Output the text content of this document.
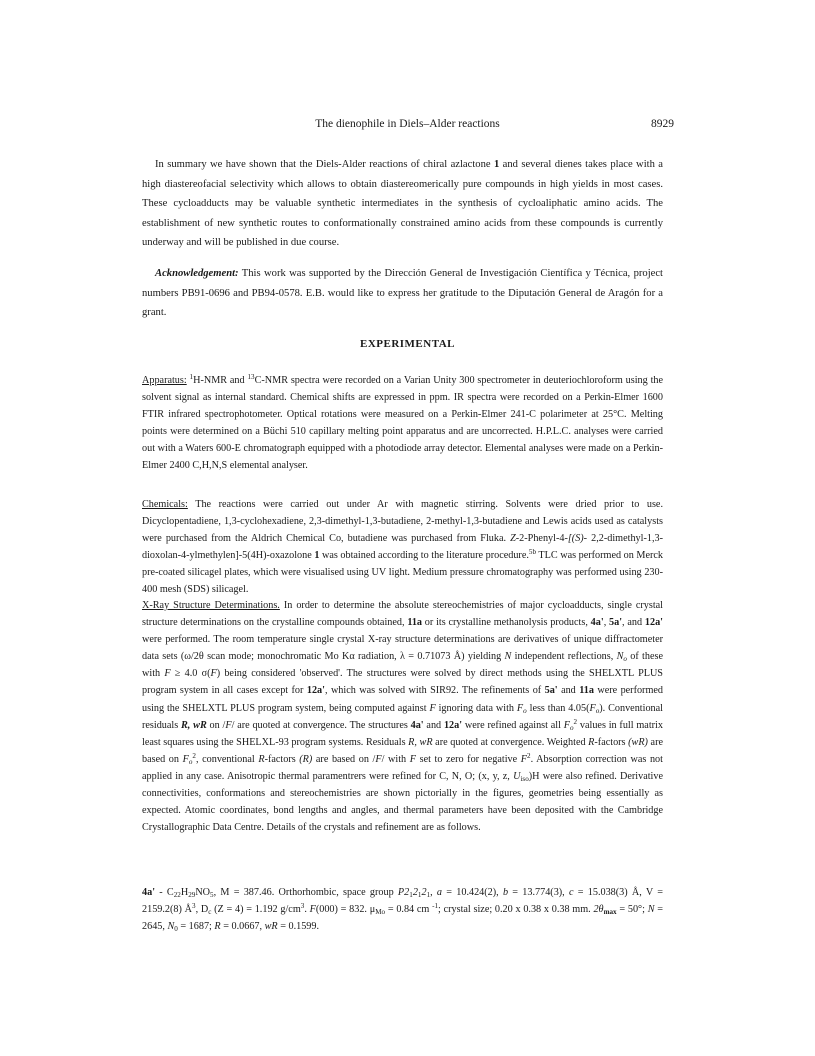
The dienophile in Diels–Alder reactions	8929

In summary we have shown that the Diels-Alder reactions of chiral azlactone 1 and several dienes takes place with a high diastereofacial selectivity which allows to obtain diastereomerically pure compounds in high yields in most cases. These cycloadducts may be valuable synthetic intermediates in the synthesis of cycloaliphatic amino acids. The establishment of new synthetic routes to conformationally constrained amino acids from these compounds is currently underway and will be published in due course.

Acknowledgement: This work was supported by the Dirección General de Investigación Científica y Técnica, project numbers PB91-0696 and PB94-0578. E.B. would like to express her gratitude to the Diputación General de Aragón for a grant.

EXPERIMENTAL

Apparatus: $^1$H-NMR and $^{13}$C-NMR spectra were recorded on a Varian Unity 300 spectrometer in deuteriochloroform using the solvent signal as internal standard. Chemical shifts are expressed in ppm. IR spectra were recorded on a Perkin-Elmer 1600 FTIR infrared spectrophotometer. Optical rotations were measured on a Perkin-Elmer 241-C polarimeter at 25°C. Melting points were determined on a Büchi 510 capillary melting point apparatus and are uncorrected. H.P.L.C. analyses were carried out with a Waters 600-E chromatograph equipped with a photodiode array detector. Elemental analyses were made on a Perkin-Elmer 2400 C,H,N,S elemental analyser.

Chemicals: The reactions were carried out under Ar with magnetic stirring. Solvents were dried prior to use. Dicyclopentadiene, 1,3-cyclohexadiene, 2,3-dimethyl-1,3-butadiene, 2-methyl-1,3-butadiene and Lewis acids used as catalysts were purchased from the Aldrich Chemical Co, butadiene was purchased from Fluka. Z-2-Phenyl-4-[(S)- 2,2-dimethyl-1,3-dioxolan-4-ylmethylen]-5(4H)-oxazolone 1 was obtained according to the literature procedure.$^{5b}$ TLC was performed on Merck pre-coated silicagel plates, which were visualised using UV light. Medium pressure chromatography was performed using 230-400 mesh (SDS) silicagel.

X-Ray Structure Determinations. In order to determine the absolute stereochemistries of major cycloadducts, single crystal structure determinations on the crystalline compounds obtained, 11a or its crystalline methanolysis products, 4a', 5a', and 12a' were performed. The room temperature single crystal X-ray structure determinations are derivatives of unique diffractometer data sets (ω/2θ scan mode; monochromatic Mo Kα radiation, λ = 0.71073 Å) yielding N independent reflections, $N_o$ of these with F ≥ 4.0 σ(F) being considered 'observed'. The structures were solved by direct methods using the SHELXTL PLUS program system in all cases except for 12a', which was solved with SIR92. The refinements of 5a' and 11a were performed using the SHELXTL PLUS program system, being computed against F ignoring data with $F_o$ less than $4.05(F_o)$. Conventional residuals R, wR on /F/ are quoted at convergence. The structures 4a' and 12a' were refined against all $F_o^2$ values in full matrix least squares using the SHELXL-93 program systems. Residuals R, wR are quoted at convergence. Weighted R-factors (wR) are based on $F_o^2$, conventional R-factors (R) are based on /F/ with F set to zero for negative $F^2$. Absorption correction was not applied in any case. Anisotropic thermal paramentrers were refined for C, N, O; (x, y, z, $U_{iso})H$ were also refined. Derivative connectivities, conformations and stereochemistries are shown pictorially in the figures, geometries being essentially as expected. Atomic coordinates, bond lengths and angles, and thermal parameters have been deposited with the Cambridge Crystallographic Data Centre. Details of the crystals and refinement are as follows.

$4a' - C_{22}H_{29}NO_5$, M = 387.46. Orthorhombic, space group $P2_12_12_1$, a = 10.424(2), b = 13.774(3), c = 15.038(3) Å, V = 2159.2(8) $Å^3$, $D_c$ (Z = 4) = 1.192 $g/cm^3$. F(000) = 832. $\mu_{Mo} = 0.84$ cm $^{-1}$; crystal size; 0.20 x 0.38 x 0.38 mm. $2\theta_{max} = 50^\circ$; N = 2645, $N_0 = 1687$; R = 0.0667, wR = 0.1599.
